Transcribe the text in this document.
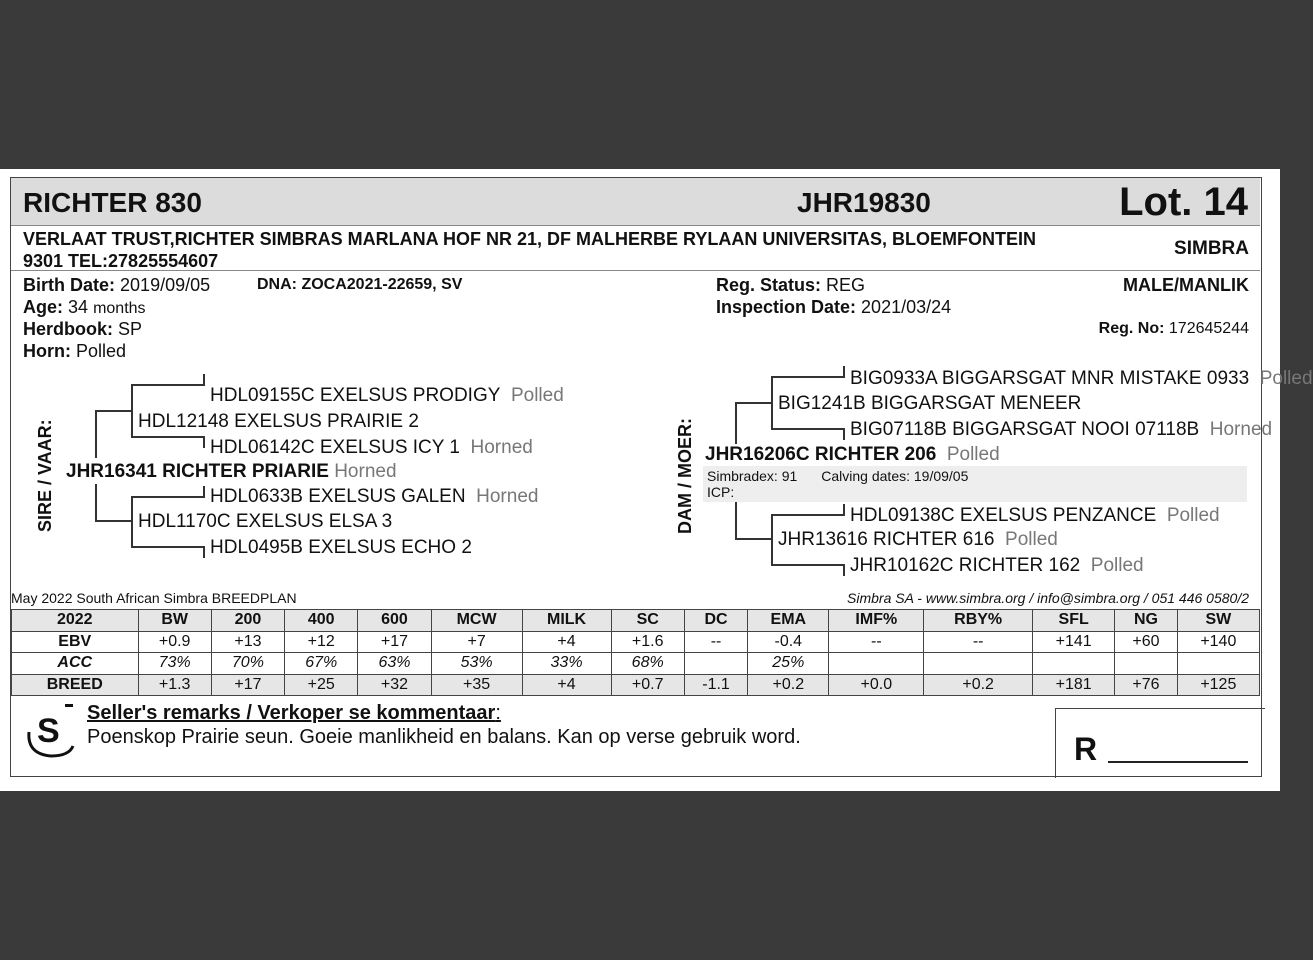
RICHTER 830	JHR19830	Lot. 14
VERLAAT TRUST,RICHTER SIMBRAS MARLANA HOF NR 21, DF MALHERBE RYLAAN UNIVERSITAS, BLOEMFONTEIN
9301 TEL:27825554607
SIMBRA
Birth Date: 2019/09/05	DNA: ZOCA2021-22659, SV
Age: 34 months
Herdbook: SP
Horn: Polled
Reg. Status: REG
Inspection Date: 2021/03/24
MALE/MANLIK
Reg. No: 172645244
SIRE / VAAR:
HDL09155C EXELSUS PRODIGY Polled
HDL12148 EXELSUS PRAIRIE 2
HDL06142C EXELSUS ICY 1 Horned
JHR16341 RICHTER PRIARIE Horned
HDL0633B EXELSUS GALEN Horned
HDL1170C EXELSUS ELSA 3
HDL0495B EXELSUS ECHO 2
DAM / MOER:
BIG0933A BIGGARSGAT MNR MISTAKE 0933 Polled
BIG1241B BIGGARSGAT MENEER
BIG07118B BIGGARSGAT NOOI 07118B Horned
JHR16206C RICHTER 206 Polled
Simbradex: 91 Calving dates: 19/09/05
ICP:
HDL09138C EXELSUS PENZANCE Polled
JHR13616 RICHTER 616 Polled
JHR10162C RICHTER 162 Polled
May 2022 South African Simbra BREEDPLAN	Simbra SA - www.simbra.org / info@simbra.org / 051 446 0580/2
2022	BW	200	400	600	MCW	MILK	SC	DC	EMA	IMF%	RBY%	SFL	NG	SW
EBV	+0.9	+13	+12	+17	+7	+4	+1.6	--	-0.4	--	--	+141	+60	+140
ACC	73%	70%	67%	63%	53%	33%	68%		25%					
BREED	+1.3	+17	+25	+32	+35	+4	+0.7	-1.1	+0.2	+0.0	+0.2	+181	+76	+125
S Seller's remarks / Verkoper se kommentaar:
Poenskop Prairie seun. Goeie manlikheid en balans. Kan op verse gebruik word.	R
